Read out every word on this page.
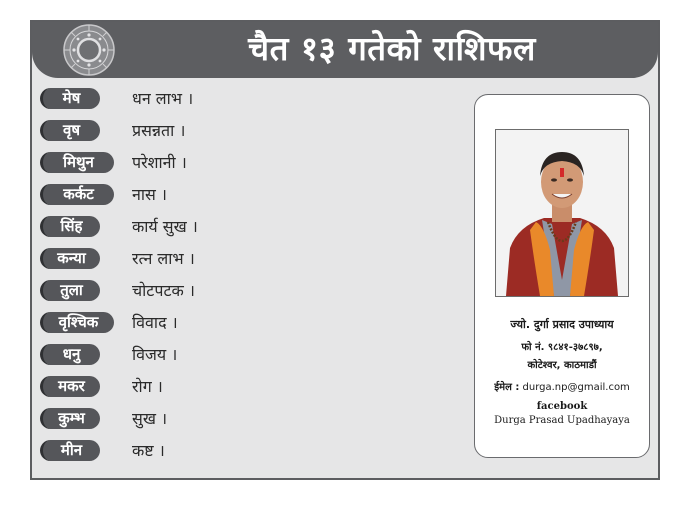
चैत १३ गतेको राशिफल
मेष	धन लाभ ।
वृष	प्रसन्नता ।
मिथुन	परेशानी ।
कर्कट	नास ।
सिंह	कार्य सुख ।
कन्या	रत्न लाभ ।
तुला	चोटपटक ।
वृश्चिक	विवाद ।
धनु	विजय ।
मकर	रोग ।
कुम्भ	सुख ।
मीन	कष्ट ।
ज्यो. दुर्गा प्रसाद उपाध्याय
फो नं. ९८४१-३७८९७,
कोटेश्वर, काठमाडौं
ईमेल : durga.np@gmail.com
facebook
Durga Prasad Upadhayaya
